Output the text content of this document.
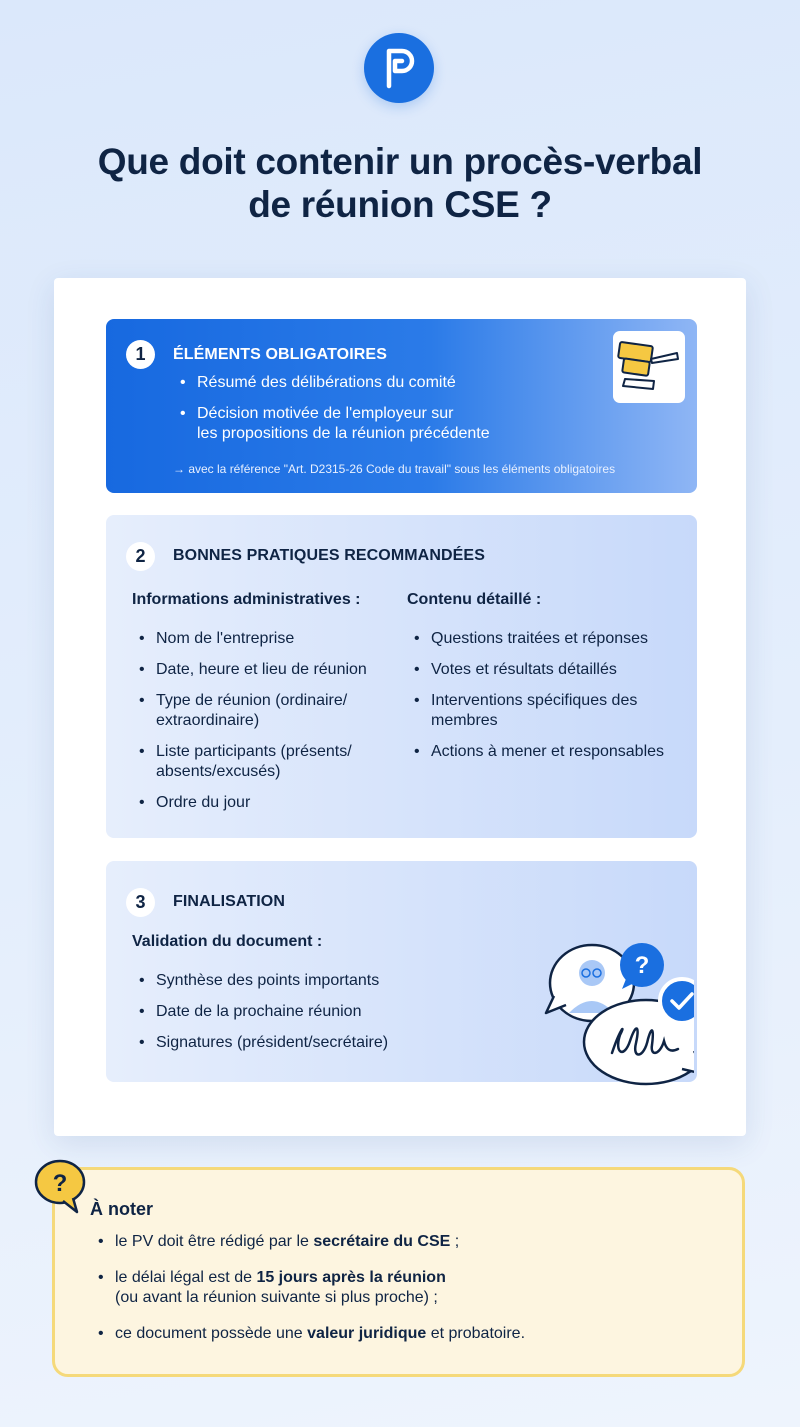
Que doit contenir un procès-verbal
de réunion CSE ?
1	ÉLÉMENTS OBLIGATOIRES
• Résumé des délibérations du comité
• Décision motivée de l'employeur sur
les propositions de la réunion précédente
→ avec la référence "Art. D2315-26 Code du travail" sous les éléments obligatoires
2	BONNES PRATIQUES RECOMMANDÉES
Informations administratives :	Contenu détaillé :
• Nom de l'entreprise
• Date, heure et lieu de réunion
• Type de réunion (ordinaire/
extraordinaire)
• Liste participants (présents/
absents/excusés)
• Ordre du jour
• Questions traitées et réponses
• Votes et résultats détaillés
• Interventions spécifiques des
membres
• Actions à mener et responsables
3	FINALISATION
Validation du document :
• Synthèse des points importants
• Date de la prochaine réunion
• Signatures (président/secrétaire)
?
À noter
• le PV doit être rédigé par le secrétaire du CSE ;
• le délai légal est de 15 jours après la réunion
(ou avant la réunion suivante si plus proche) ;
• ce document possède une valeur juridique et probatoire.
?
